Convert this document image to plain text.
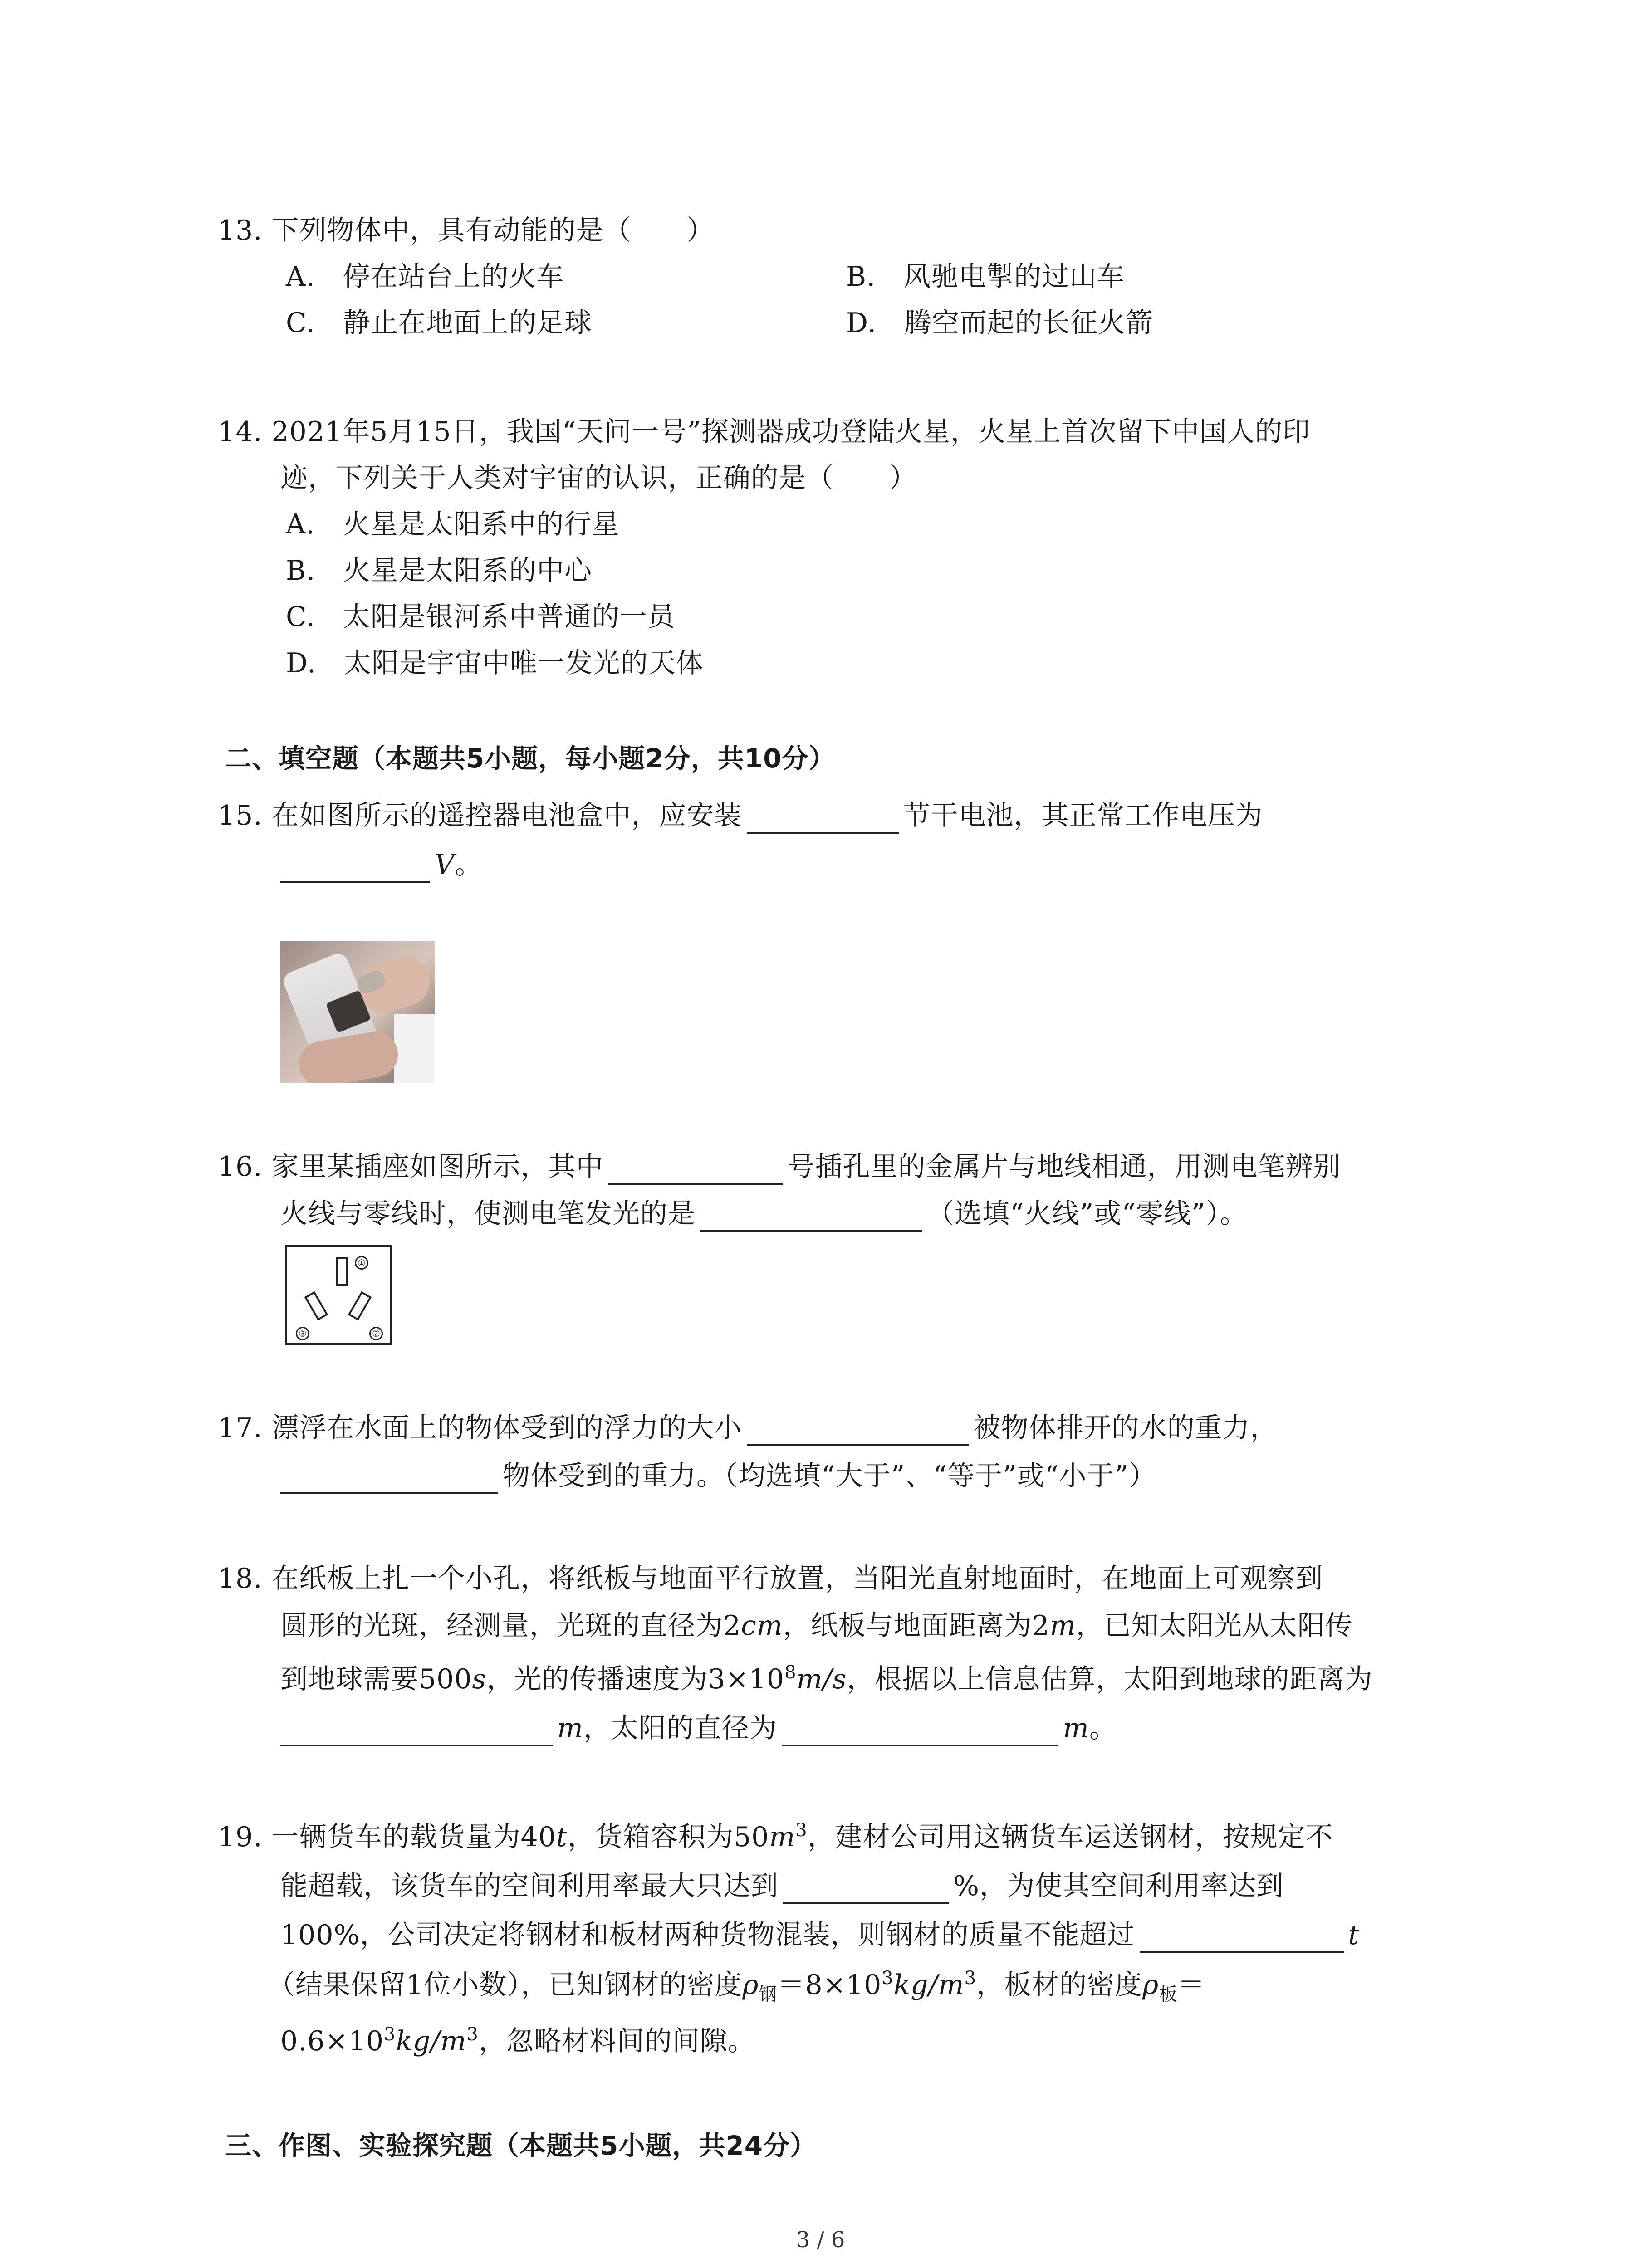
13. 下列物体中，具有动能的是（　　）
A.　停在站台上的火车	B.　风驰电掣的过山车
C.　静止在地面上的足球	D.　腾空而起的长征火箭
14. 2021年5月15日，我国“天问一号”探测器成功登陆火星，火星上首次留下中国人的印
迹，下列关于人类对宇宙的认识，正确的是（　　）
A.　火星是太阳系中的行星
B.　火星是太阳系的中心
C.　太阳是银河系中普通的一员
D.　太阳是宇宙中唯一发光的天体
二、填空题（本题共5小题，每小题2分，共10分）
15. 在如图所示的遥控器电池盒中，应安装	节干电池，其正常工作电压为
V。
16. 家里某插座如图所示，其中	号插孔里的金属片与地线相通，用测电笔辨别
火线与零线时，使测电笔发光的是	（选填“火线”或“零线”）。
①
③	②
17. 漂浮在水面上的物体受到的浮力的大小	被物体排开的水的重力，
物体受到的重力。（均选填“大于”、“等于”或“小于”）
18. 在纸板上扎一个小孔，将纸板与地面平行放置，当阳光直射地面时，在地面上可观察到
圆形的光斑，经测量，光斑的直径为2cm，纸板与地面距离为2m，已知太阳光从太阳传
到地球需要500s，光的传播速度为$3\times 10^8m/s$，根据以上信息估算，太阳到地球的距离为
m，太阳的直径为	m。
19. 一辆货车的载货量为40t，货箱容积为$50m^3$，建材公司用这辆货车运送钢材，按规定不
能超载，该货车的空间利用率最大只达到	%，为使其空间利用率达到
100%，公司决定将钢材和板材两种货物混装，则钢材的质量不能超过	t
（结果保留1位小数），已知钢材的密度$\rho_钢=8\times 10^3kg/m^3$，板材的密度$\rho_板=$
$0.6\times 10^3kg/m^3$，忽略材料间的间隙。
三、作图、实验探究题（本题共5小题，共24分）
3 / 6
